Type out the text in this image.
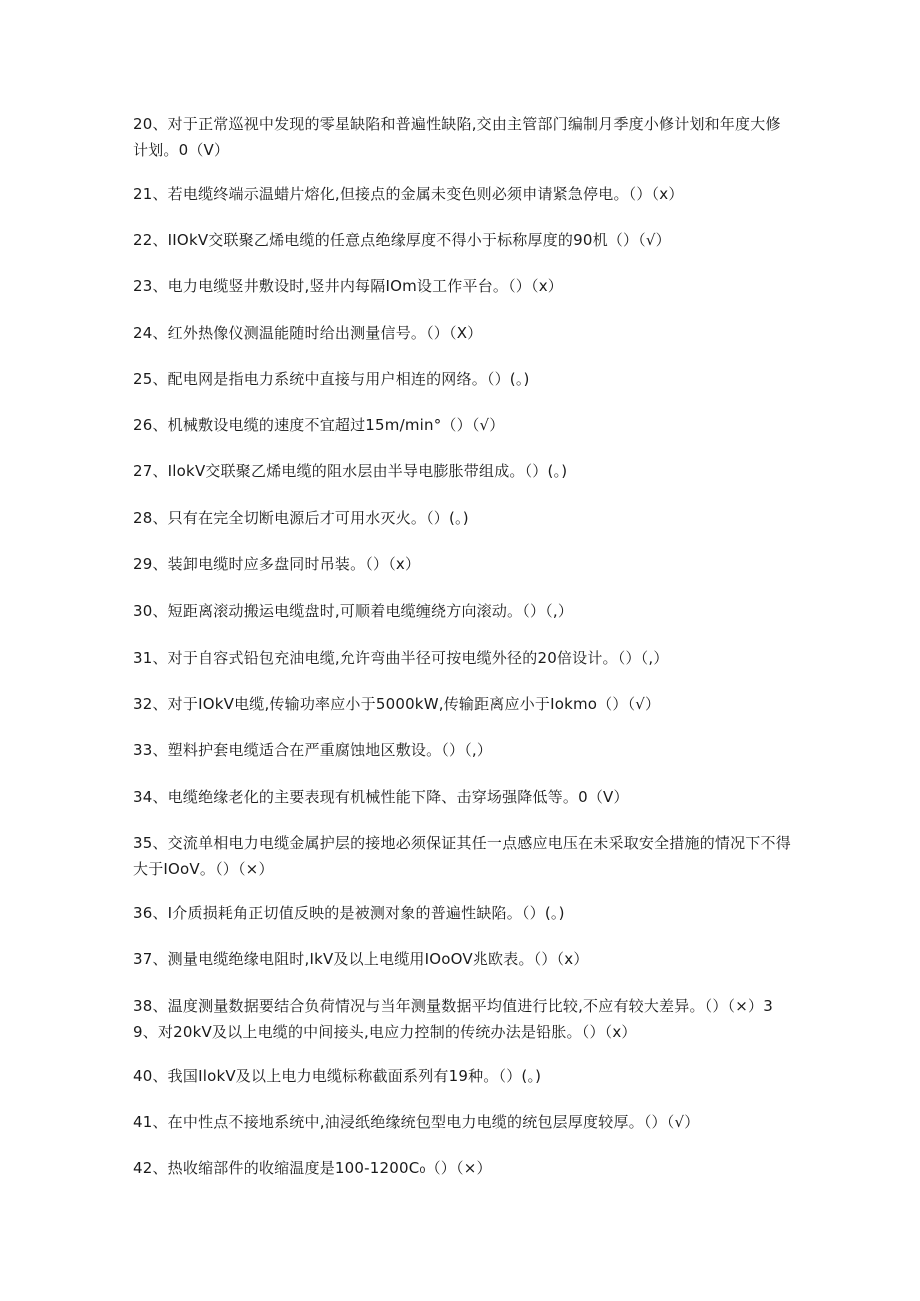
20、对于正常巡视中发现的零星缺陷和普遍性缺陷,交由主管部门编制月季度小修计划和年度大修计划。0（V）
21、若电缆终端示温蜡片熔化,但接点的金属未变色则必须申请紧急停电。（）（x）
22、IIOkV交联聚乙烯电缆的任意点绝缘厚度不得小于标称厚度的90机（）（√）
23、电力电缆竖井敷设时,竖井内每隔IOm设工作平台。（）（x）
24、红外热像仪测温能随时给出测量信号。（）（X）
25、配电网是指电力系统中直接与用户相连的网络。（）(。)
26、机械敷设电缆的速度不宜超过15m/min°（）（√）
27、IlokV交联聚乙烯电缆的阻水层由半导电膨胀带组成。（）(。)
28、只有在完全切断电源后才可用水灭火。（）(。)
29、装卸电缆时应多盘同时吊装。（）（x）
30、短距离滚动搬运电缆盘时,可顺着电缆缠绕方向滚动。（）（,）
31、对于自容式铅包充油电缆,允许弯曲半径可按电缆外径的20倍设计。（）（,）
32、对于IOkV电缆,传输功率应小于5000kW,传输距离应小于Iokmo（）（√）
33、塑料护套电缆适合在严重腐蚀地区敷设。（）（,）
34、电缆绝缘老化的主要表现有机械性能下降、击穿场强降低等。0（V）
35、交流单相电力电缆金属护层的接地必须保证其任一点感应电压在未采取安全措施的情况下不得大于IOoV。（）（×）
36、I介质损耗角正切值反映的是被测对象的普遍性缺陷。（）(。)
37、测量电缆绝缘电阻时,IkV及以上电缆用IOoOV兆欧表。（）（x）
38、温度测量数据要结合负荷情况与当年测量数据平均值进行比较,不应有较大差异。（）（×）39、对20kV及以上电缆的中间接头,电应力控制的传统办法是铅胀。（）（x）
40、我国IlokV及以上电力电缆标称截面系列有19种。（）(。)
41、在中性点不接地系统中,油浸纸绝缘统包型电力电缆的统包层厚度较厚。（）（√）
42、热收缩部件的收缩温度是100-1200C₀（）（×）
